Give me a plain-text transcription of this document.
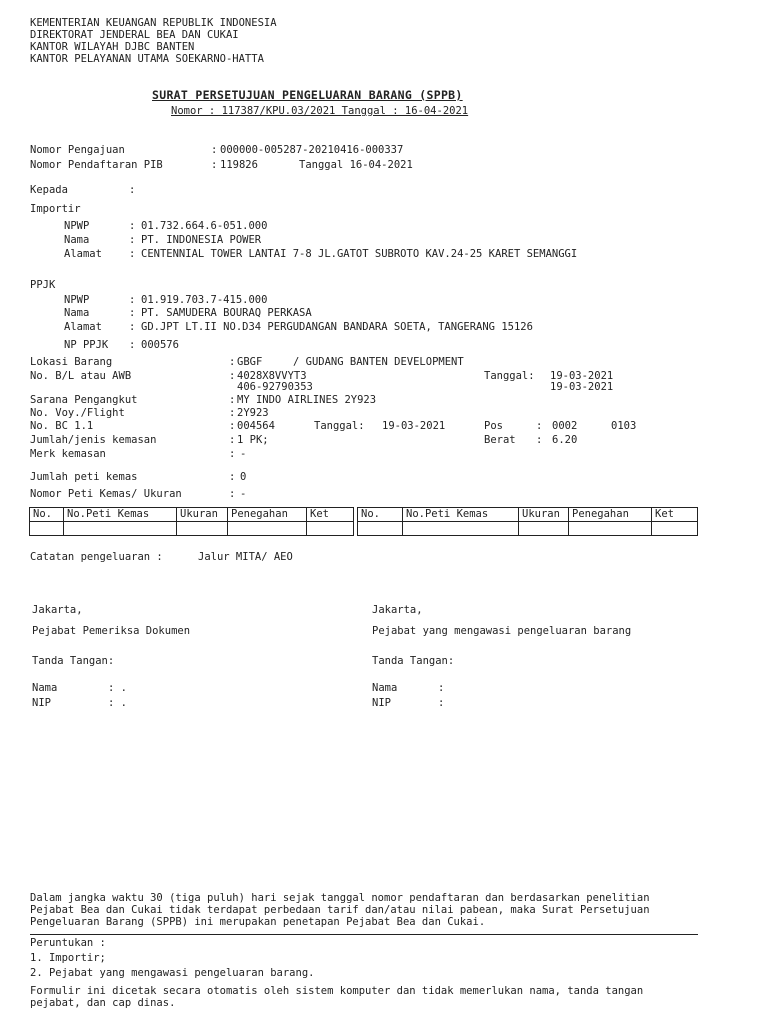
KEMENTERIAN KEUANGAN REPUBLIK INDONESIA
DIREKTORAT JENDERAL BEA DAN CUKAI
KANTOR WILAYAH DJBC BANTEN
KANTOR PELAYANAN UTAMA SOEKARNO-HATTA
SURAT PERSETUJUAN PENGELUARAN BARANG (SPPB)
Nomor : 117387/KPU.03/2021 Tanggal : 16-04-2021
Nomor Pengajuan	: 000000-005287-20210416-000337
Nomor Pendaftaran PIB	: 119826	Tanggal 16-04-2021
Kepada	:
Importir
NPWP	: 01.732.664.6-051.000
Nama	: PT. INDONESIA POWER
Alamat	: CENTENNIAL TOWER LANTAI 7-8 JL.GATOT SUBROTO KAV.24-25 KARET SEMANGGI
PPJK
NPWP	: 01.919.703.7-415.000
Nama	: PT. SAMUDERA BOURAQ PERKASA
Alamat	: GD.JPT LT.II NO.D34 PERGUDANGAN BANDARA SOETA, TANGERANG 15126
NP PPJK : 000576
Lokasi Barang	: GBGF	/ GUDANG BANTEN DEVELOPMENT
No. B/L atau AWB	: 4028X8VVYT3
406-92790353
Tanggal: 19-03-2021
19-03-2021
Sarana Pengangkut	: MY INDO AIRLINES 2Y923
No. Voy./Flight	: 2Y923
No. BC 1.1	: 004564	Tanggal: 19-03-2021	Pos	: 0002	0103
Jumlah/jenis kemasan	: 1 PK;	Berat : 6.20
Merk kemasan	: -
Jumlah peti kemas	: 0
Nomor Peti Kemas/ Ukuran	: -
No.	No.Peti Kemas	Ukuran	Penegahan	Ket
					No.	No.Peti Kemas	Ukuran	Penegahan	Ket

Catatan pengeluaran :	Jalur MITA/ AEO
Jakarta,
Pejabat Pemeriksa Dokumen
Tanda Tangan:
Nama	: .
NIP	: .
Jakarta,
Pejabat yang mengawasi pengeluaran barang
Tanda Tangan:
Nama	:
NIP	:
Dalam jangka waktu 30 (tiga puluh) hari sejak tanggal nomor pendaftaran dan berdasarkan penelitian
Pejabat Bea dan Cukai tidak terdapat perbedaan tarif dan/atau nilai pabean, maka Surat Persetujuan
Pengeluaran Barang (SPPB) ini merupakan penetapan Pejabat Bea dan Cukai.
Peruntukan :
1. Importir;
2. Pejabat yang mengawasi pengeluaran barang.
Formulir ini dicetak secara otomatis oleh sistem komputer dan tidak memerlukan nama, tanda tangan
pejabat, dan cap dinas.
